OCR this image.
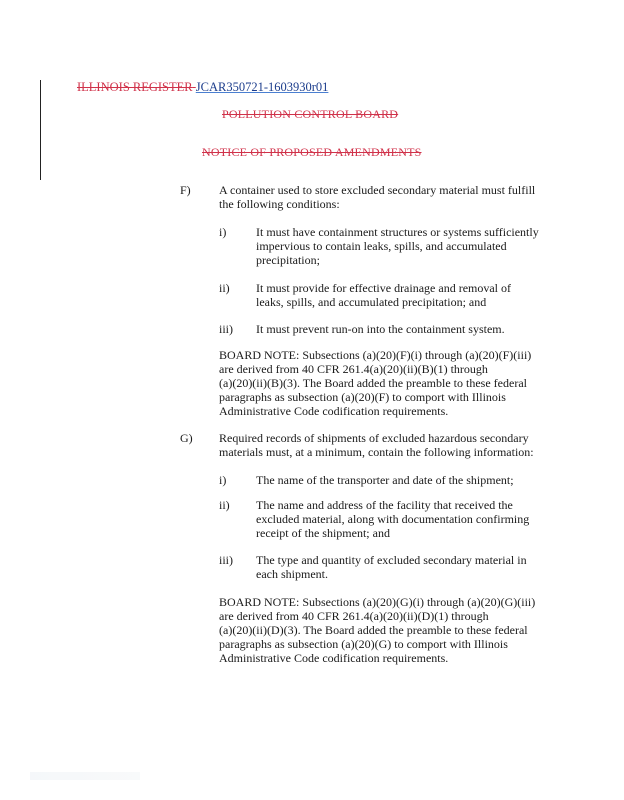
ILLINOIS REGISTER JCAR350721-1603930r01
POLLUTION CONTROL BOARD
NOTICE OF PROPOSED AMENDMENTS
F) A container used to store excluded secondary material must fulfill the following conditions:
i) It must have containment structures or systems sufficiently impervious to contain leaks, spills, and accumulated precipitation;
ii) It must provide for effective drainage and removal of leaks, spills, and accumulated precipitation; and
iii) It must prevent run-on into the containment system.
BOARD NOTE: Subsections (a)(20)(F)(i) through (a)(20)(F)(iii)
are derived from 40 CFR 261.4(a)(20)(ii)(B)(1) through
(a)(20)(ii)(B)(3). The Board added the preamble to these federal
paragraphs as subsection (a)(20)(F) to comport with Illinois
Administrative Code codification requirements.
G) Required records of shipments of excluded hazardous secondary materials must, at a minimum, contain the following information:
i) The name of the transporter and date of the shipment;
ii) The name and address of the facility that received the excluded material, along with documentation confirming receipt of the shipment; and
iii) The type and quantity of excluded secondary material in each shipment.
BOARD NOTE: Subsections (a)(20)(G)(i) through (a)(20)(G)(iii)
are derived from 40 CFR 261.4(a)(20)(ii)(D)(1) through
(a)(20)(ii)(D)(3). The Board added the preamble to these federal
paragraphs as subsection (a)(20)(G) to comport with Illinois
Administrative Code codification requirements.
